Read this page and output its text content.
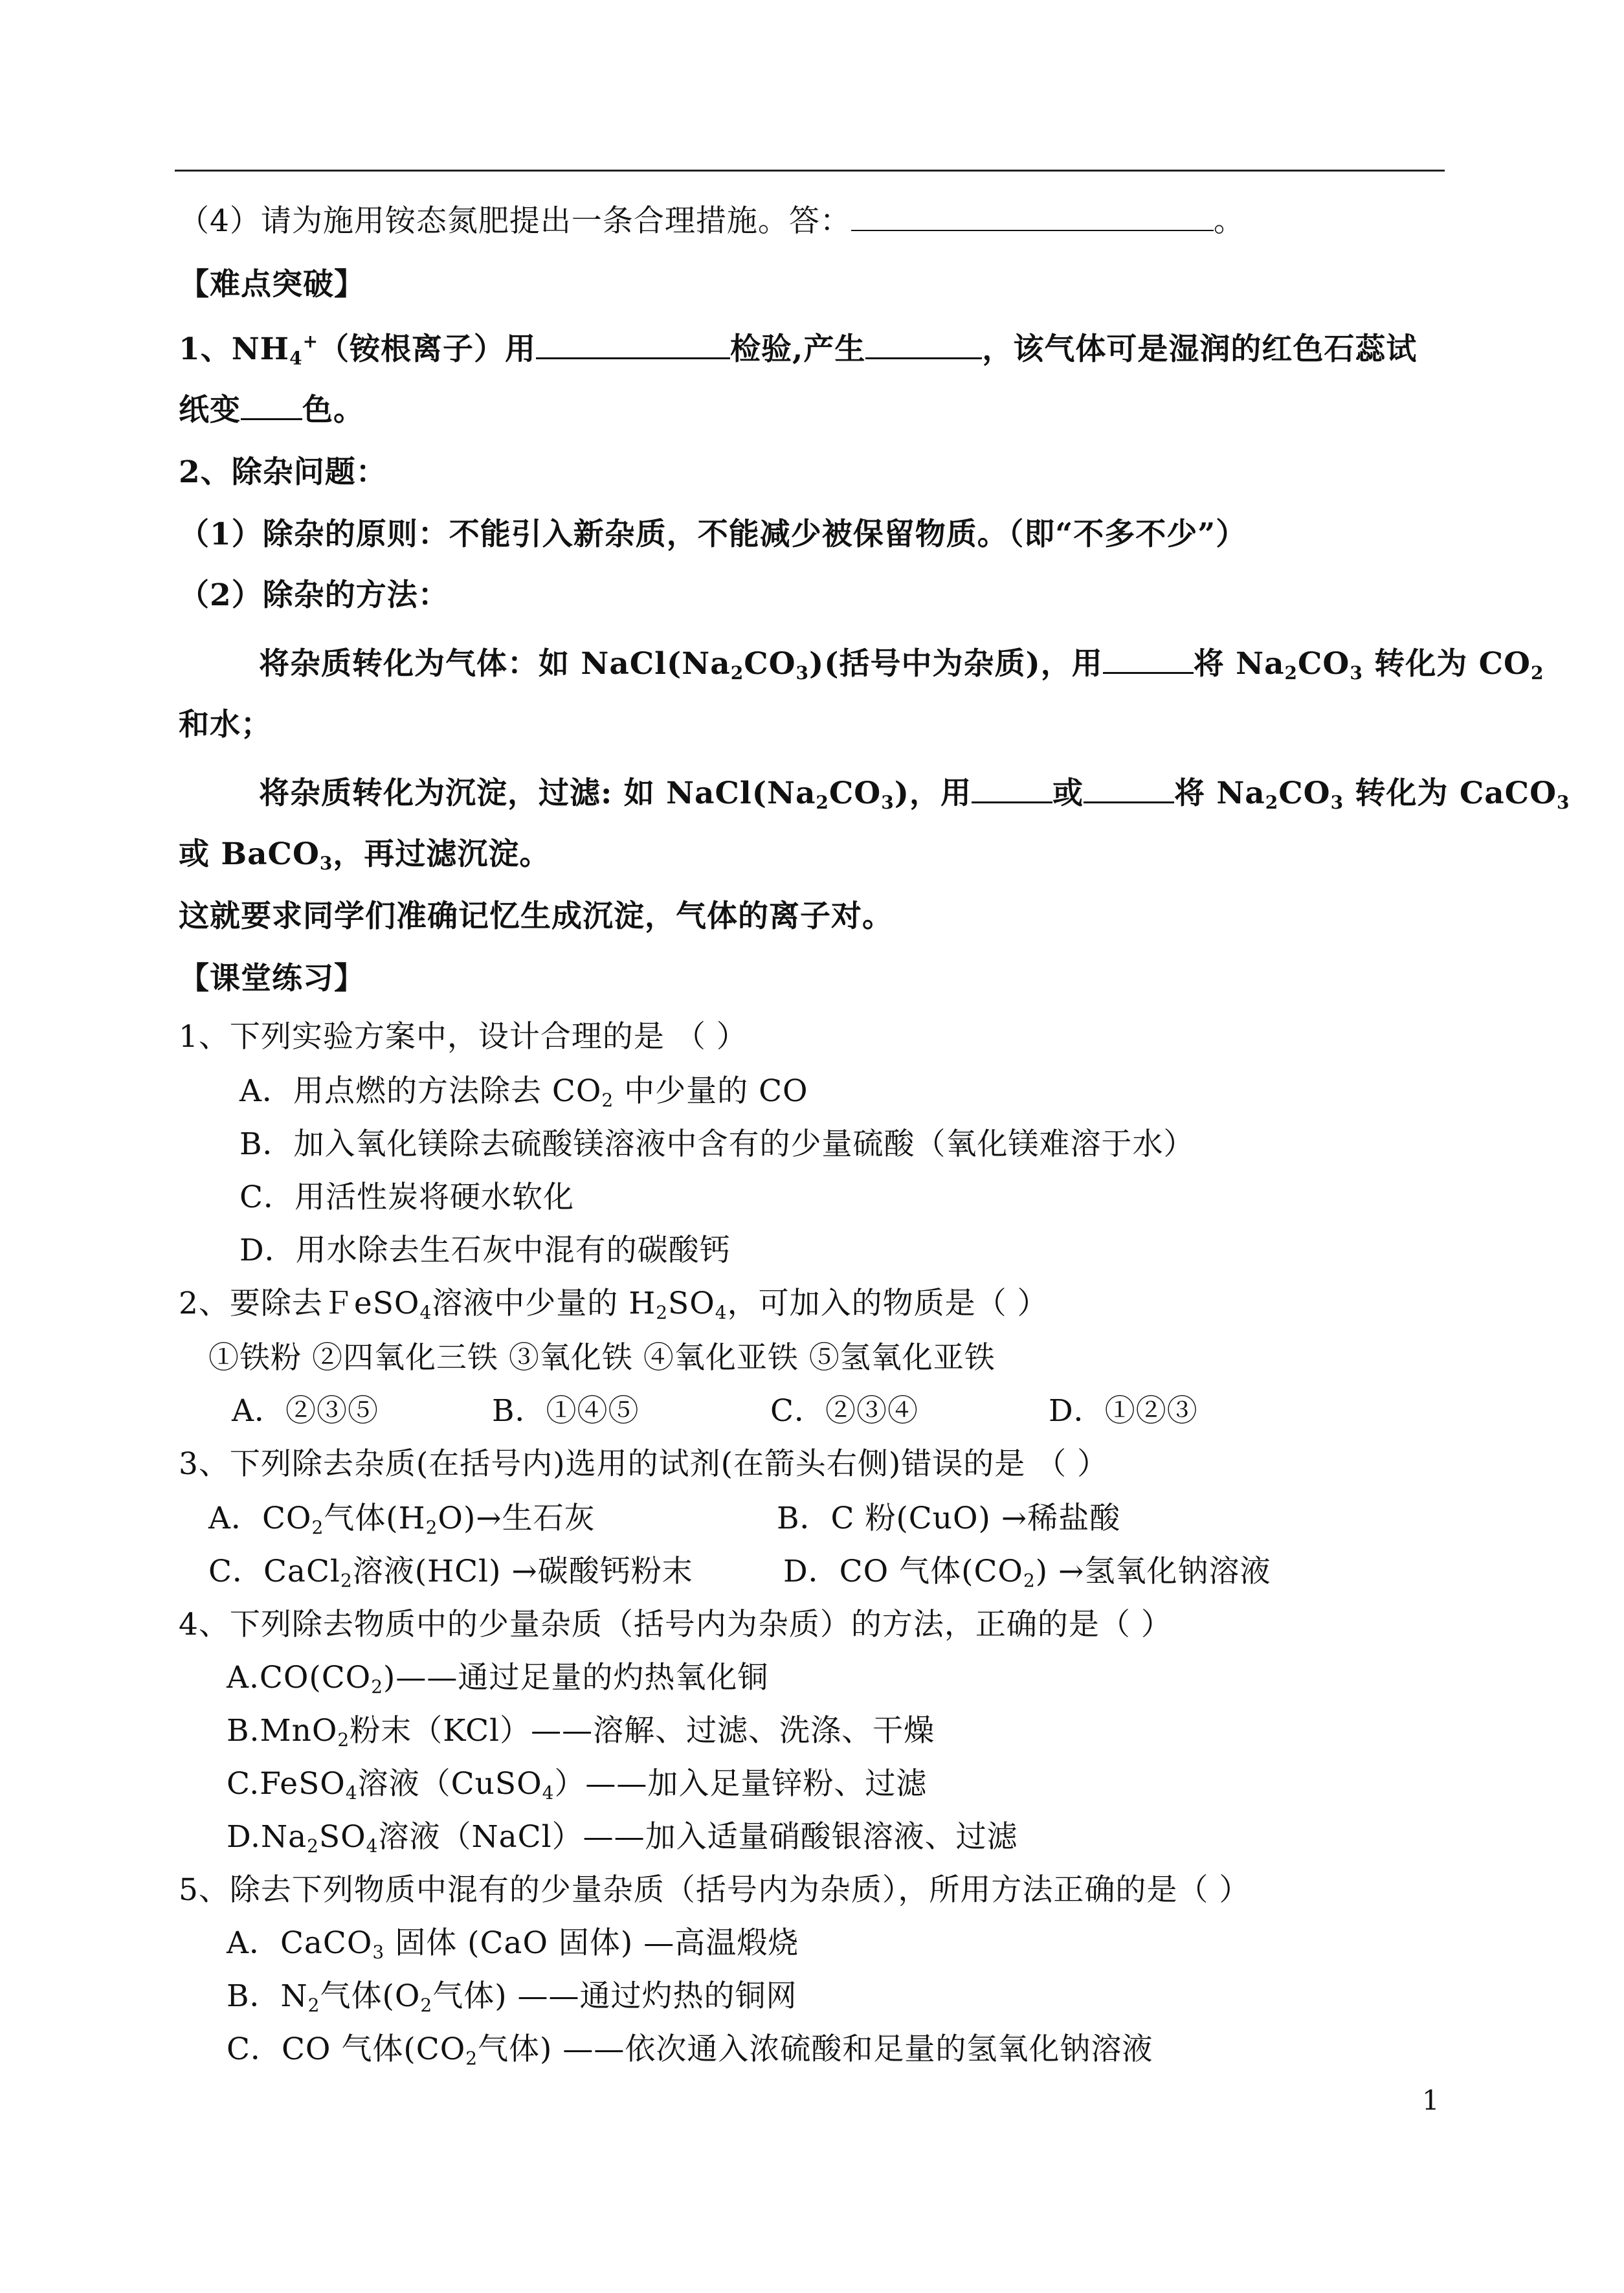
（4）请为施用铵态氮肥提出一条合理措施。答：	。
【难点突破】
1、$NH_4^+$（铵根离子）用	检验,产生	，该气体可是湿润的红色石蕊试
纸变 色。
2、除杂问题：
（1）除杂的原则：不能引入新杂质，不能减少被保留物质。（即“不多不少”）
（2）除杂的方法：
将杂质转化为气体：如 $NaCl(Na_2CO_3)$(括号中为杂质)，用	将 $Na_2CO_3$ 转化为 $CO_2$
和水；
将杂质转化为沉淀，过滤: 如 $NaCl(Na_2CO_3)$，用	或	将 $Na_2CO_3$ 转化为 CaCO$_3$
或 BaCO$_3$，再过滤沉淀。
这就要求同学们准确记忆生成沉淀，气体的离子对。
【课堂练习】
1、下列实验方案中，设计合理的是 （ ）
A．用点燃的方法除去 $CO_2$ 中少量的 CO
B．加入氧化镁除去硫酸镁溶液中含有的少量硫酸（氧化镁难溶于水）
C．用活性炭将硬水软化
D．用水除去生石灰中混有的碳酸钙
2、要除去ＦeSO$_4$溶液中少量的 $H_2SO_4$，可加入的物质是（ ）
①铁粉 ②四氧化三铁 ③氧化铁 ④氧化亚铁 ⑤氢氧化亚铁
A．②③⑤	B．①④⑤	C．②③④	D．①②③
3、下列除去杂质(在括号内)选用的试剂(在箭头右侧)错误的是 （ ）
A．$CO_2$气体$(H_2O)\to$生石灰	B．C 粉(CuO) →稀盐酸
C．CaCl$_2$溶液(HCl) →碳酸钙粉末	D．CO 气体$(CO_2)$ →氢氧化钠溶液
4、下列除去物质中的少量杂质（括号内为杂质）的方法，正确的是（ ）
$A.CO(CO_2)——$通过足量的灼热氧化铜
B.MnO$_2$粉末（KCl）——溶解、过滤、洗涤、干燥
C.FeSO$_4$溶液（CuSO$_4$）——加入足量锌粉、过滤
$D.Na_2SO_4$溶液（NaCl）——加入适量硝酸银溶液、过滤
5、除去下列物质中混有的少量杂质（括号内为杂质），所用方法正确的是（ ）
A．CaCO$_3$ 固体 (CaO 固体) —高温煅烧
B．$N_2$气体($O_2$气体) ——通过灼热的铜网
C．CO 气体($CO_2$气体) ——依次通入浓硫酸和足量的氢氧化钠溶液
1
